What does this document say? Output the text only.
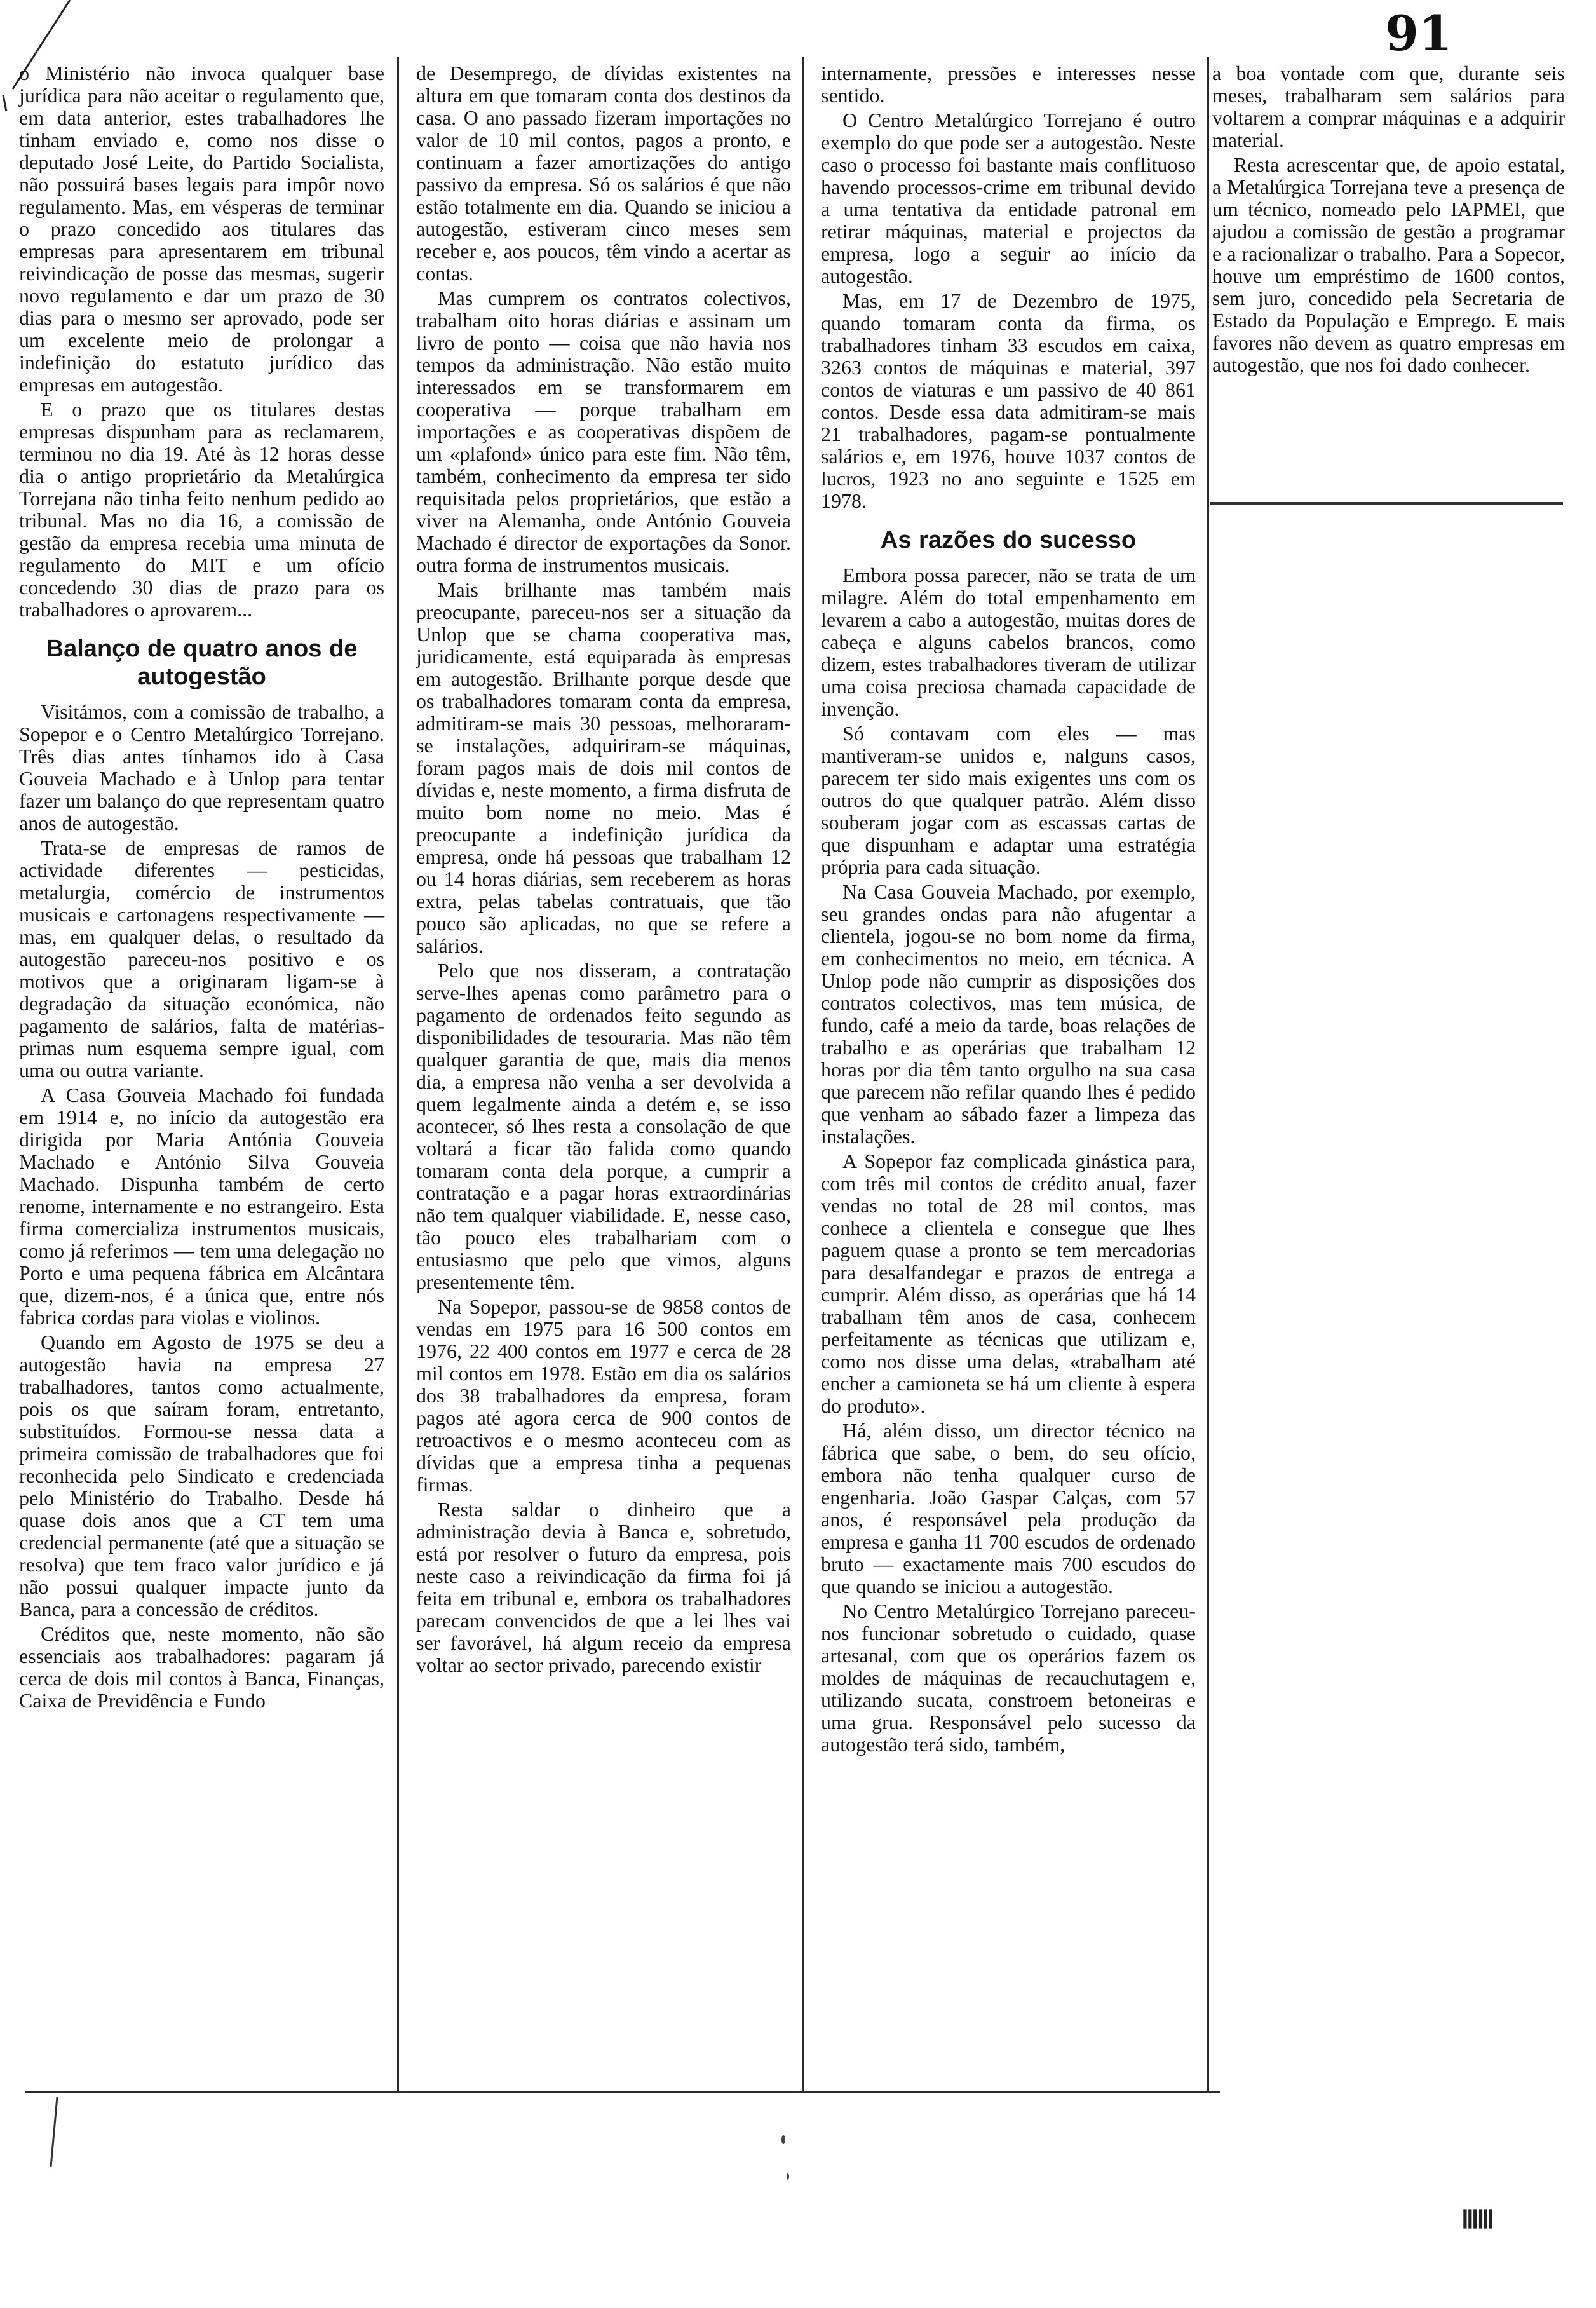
91

o Ministério não invoca qualquer base jurídica para não aceitar o regulamento que, em data anterior, estes trabalhadores lhe tinham enviado e, como nos disse o deputado José Leite, do Partido Socialista, não possuirá bases legais para impôr novo regulamento. Mas, em vésperas de terminar o prazo concedido aos titulares das empresas para apresentarem em tribunal reivindicação de posse das mesmas, sugerir novo regulamento e dar um prazo de 30 dias para o mesmo ser aprovado, pode ser um excelente meio de prolongar a indefinição do estatuto jurídico das empresas em autogestão.

E o prazo que os titulares destas empresas dispunham para as reclamarem, terminou no dia 19. Até às 12 horas desse dia o antigo proprietário da Metalúrgica Torrejana não tinha feito nenhum pedido ao tribunal. Mas no dia 16, a comissão de gestão da empresa recebia uma minuta de regulamento do MIT e um ofício concedendo 30 dias de prazo para os trabalhadores o aprovarem...

Balanço de quatro anos de autogestão

Visitámos, com a comissão de trabalho, a Sopepor e o Centro Metalúrgico Torrejano. Três dias antes tínhamos ido à Casa Gouveia Machado e à Unlop para tentar fazer um balanço do que representam quatro anos de autogestão.

Trata-se de empresas de ramos de actividade diferentes — pesticidas, metalurgia, comércio de instrumentos musicais e cartonagens respectivamente — mas, em qualquer delas, o resultado da autogestão pareceu-nos positivo e os motivos que a originaram ligam-se à degradação da situação económica, não pagamento de salários, falta de matérias-primas num esquema sempre igual, com uma ou outra variante.

A Casa Gouveia Machado foi fundada em 1914 e, no início da autogestão era dirigida por Maria Antónia Gouveia Machado e António Silva Gouveia Machado. Dispunha também de certo renome, internamente e no estrangeiro. Esta firma comercializa instrumentos musicais, como já referimos — tem uma delegação no Porto e uma pequena fábrica em Alcântara que, dizem-nos, é a única que, entre nós fabrica cordas para violas e violinos.

Quando em Agosto de 1975 se deu a autogestão havia na empresa 27 trabalhadores, tantos como actualmente, pois os que saíram foram, entretanto, substituídos. Formou-se nessa data a primeira comissão de trabalhadores que foi reconhecida pelo Sindicato e credenciada pelo Ministério do Trabalho. Desde há quase dois anos que a CT tem uma credencial permanente (até que a situação se resolva) que tem fraco valor jurídico e já não possui qualquer impacte junto da Banca, para a concessão de créditos.

Créditos que, neste momento, não são essenciais aos trabalhadores: pagaram já cerca de dois mil contos à Banca, Finanças, Caixa de Previdência e Fundo

de Desemprego, de dívidas existentes na altura em que tomaram conta dos destinos da casa. O ano passado fizeram importações no valor de 10 mil contos, pagos a pronto, e continuam a fazer amortizações do antigo passivo da empresa. Só os salários é que não estão totalmente em dia. Quando se iniciou a autogestão, estiveram cinco meses sem receber e, aos poucos, têm vindo a acertar as contas.

Mas cumprem os contratos colectivos, trabalham oito horas diárias e assinam um livro de ponto — coisa que não havia nos tempos da administração. Não estão muito interessados em se transformarem em cooperativa — porque trabalham em importações e as cooperativas dispõem de um «plafond» único para este fim. Não têm, também, conhecimento da empresa ter sido requisitada pelos proprietários, que estão a viver na Alemanha, onde António Gouveia Machado é director de exportações da Sonor. outra forma de instrumentos musicais.

Mais brilhante mas também mais preocupante, pareceu-nos ser a situação da Unlop que se chama cooperativa mas, juridicamente, está equiparada às empresas em autogestão. Brilhante porque desde que os trabalhadores tomaram conta da empresa, admitiram-se mais 30 pessoas, melhoraram-se instalações, adquiriram-se máquinas, foram pagos mais de dois mil contos de dívidas e, neste momento, a firma disfruta de muito bom nome no meio. Mas é preocupante a indefinição jurídica da empresa, onde há pessoas que trabalham 12 ou 14 horas diárias, sem receberem as horas extra, pelas tabelas contratuais, que tão pouco são aplicadas, no que se refere a salários.

Pelo que nos disseram, a contratação serve-lhes apenas como parâmetro para o pagamento de ordenados feito segundo as disponibilidades de tesouraria. Mas não têm qualquer garantia de que, mais dia menos dia, a empresa não venha a ser devolvida a quem legalmente ainda a detém e, se isso acontecer, só lhes resta a consolação de que voltará a ficar tão falida como quando tomaram conta dela porque, a cumprir a contratação e a pagar horas extraordinárias não tem qualquer viabilidade. E, nesse caso, tão pouco eles trabalhariam com o entusiasmo que pelo que vimos, alguns presentemente têm.

Na Sopepor, passou-se de 9858 contos de vendas em 1975 para 16 500 contos em 1976, 22 400 contos em 1977 e cerca de 28 mil contos em 1978. Estão em dia os salários dos 38 trabalhadores da empresa, foram pagos até agora cerca de 900 contos de retroactivos e o mesmo aconteceu com as dívidas que a empresa tinha a pequenas firmas.

Resta saldar o dinheiro que a administração devia à Banca e, sobretudo, está por resolver o futuro da empresa, pois neste caso a reivindicação da firma foi já feita em tribunal e, embora os trabalhadores parecam convencidos de que a lei lhes vai ser favorável, há algum receio da empresa voltar ao sector privado, parecendo existir

internamente, pressões e interesses nesse sentido.

O Centro Metalúrgico Torrejano é outro exemplo do que pode ser a autogestão. Neste caso o processo foi bastante mais conflituoso havendo processos-crime em tribunal devido a uma tentativa da entidade patronal em retirar máquinas, material e projectos da empresa, logo a seguir ao início da autogestão.

Mas, em 17 de Dezembro de 1975, quando tomaram conta da firma, os trabalhadores tinham 33 escudos em caixa, 3263 contos de máquinas e material, 397 contos de viaturas e um passivo de 40 861 contos. Desde essa data admitiram-se mais 21 trabalhadores, pagam-se pontualmente salários e, em 1976, houve 1037 contos de lucros, 1923 no ano seguinte e 1525 em 1978.

As razões do sucesso

Embora possa parecer, não se trata de um milagre. Além do total empenhamento em levarem a cabo a autogestão, muitas dores de cabeça e alguns cabelos brancos, como dizem, estes trabalhadores tiveram de utilizar uma coisa preciosa chamada capacidade de invenção.

Só contavam com eles — mas mantiveram-se unidos e, nalguns casos, parecem ter sido mais exigentes uns com os outros do que qualquer patrão. Além disso souberam jogar com as escassas cartas de que dispunham e adaptar uma estratégia própria para cada situação.

Na Casa Gouveia Machado, por exemplo, seu grandes ondas para não afugentar a clientela, jogou-se no bom nome da firma, em conhecimentos no meio, em técnica. A Unlop pode não cumprir as disposições dos contratos colectivos, mas tem música, de fundo, café a meio da tarde, boas relações de trabalho e as operárias que trabalham 12 horas por dia têm tanto orgulho na sua casa que parecem não refilar quando lhes é pedido que venham ao sábado fazer a limpeza das instalações.

A Sopepor faz complicada ginástica para, com três mil contos de crédito anual, fazer vendas no total de 28 mil contos, mas conhece a clientela e consegue que lhes paguem quase a pronto se tem mercadorias para desalfandegar e prazos de entrega a cumprir. Além disso, as operárias que há 14 trabalham têm anos de casa, conhecem perfeitamente as técnicas que utilizam e, como nos disse uma delas, «trabalham até encher a camioneta se há um cliente à espera do produto».

Há, além disso, um director técnico na fábrica que sabe, o bem, do seu ofício, embora não tenha qualquer curso de engenharia. João Gaspar Calças, com 57 anos, é responsável pela produção da empresa e ganha 11 700 escudos de ordenado bruto — exactamente mais 700 escudos do que quando se iniciou a autogestão.

No Centro Metalúrgico Torrejano pareceu-nos funcionar sobretudo o cuidado, quase artesanal, com que os operários fazem os moldes de máquinas de recauchutagem e, utilizando sucata, constroem betoneiras e uma grua. Responsável pelo sucesso da autogestão terá sido, também,

a boa vontade com que, durante seis meses, trabalharam sem salários para voltarem a comprar máquinas e a adquirir material.

Resta acrescentar que, de apoio estatal, a Metalúrgica Torrejana teve a presença de um técnico, nomeado pelo IAPMEI, que ajudou a comissão de gestão a programar e a racionalizar o trabalho. Para a Sopecor, houve um empréstimo de 1600 contos, sem juro, concedido pela Secretaria de Estado da População e Emprego. E mais favores não devem as quatro empresas em autogestão, que nos foi dado conhecer.

ⅢⅢ
